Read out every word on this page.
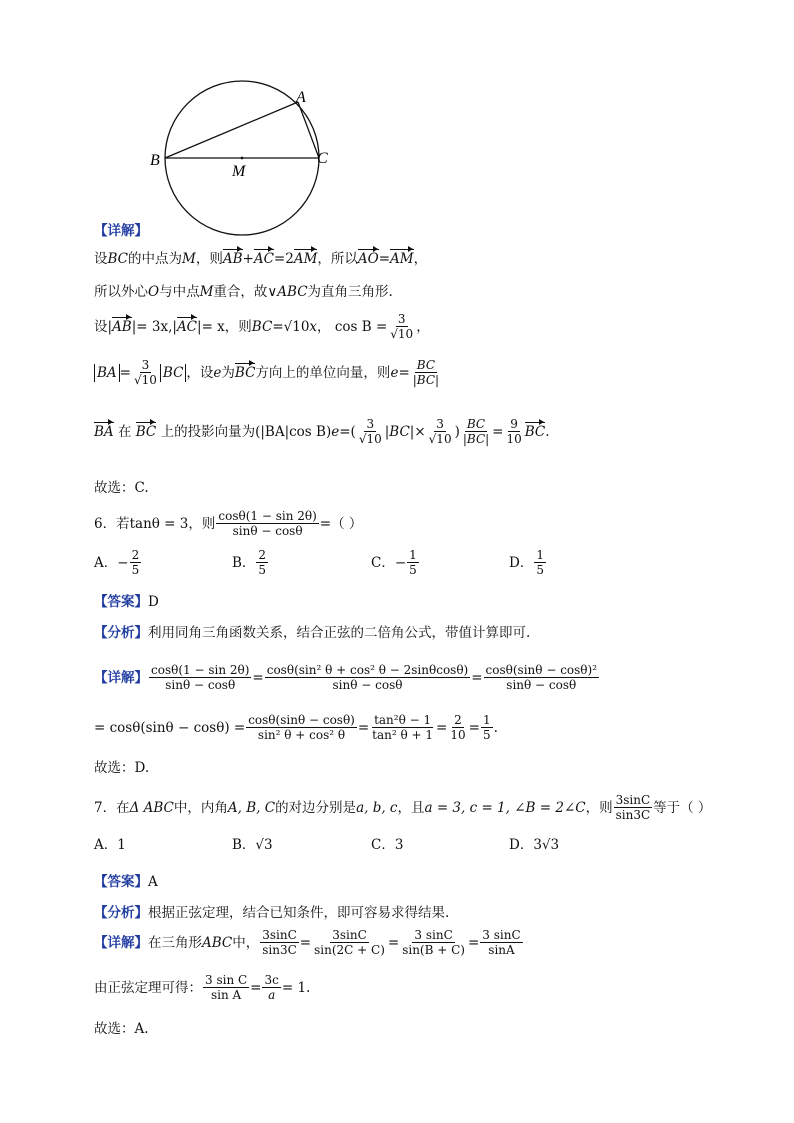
A
B	C
M
【详解】
设BC的中点为M，则AB+AC=2AM，所以AO=AM，
所以外心O与中点M重合，故∨ABC为直角三角形.
设| AB |= 3x,| AC |= x ，则 BC = √10 x ，
$\cos B = \frac{3}{√10}$ ，
BA = $\frac{3}{√10}$ BC ，设 e 为 BC 方向上的单位向量，则 $e = \frac{BC}{|BC|}$
BA
在
BC
上的投影向量为 (|BA|cos B) e =( $\frac{3}{√10} |BC|\times \frac{3}{√10}$ ) $\frac{BC}{|BC|} = \frac{9}{10}$ BC .
故选：C.
6．若 tanθ = 3 ，则 $\frac{\cos\theta(1 - \sin 2\theta)}{\sin\theta - \cos\theta}$ =（ ）
A． − $\frac{2}{5}$	B． $\frac{2}{5}$	C． − $\frac{1}{5}$	D． $\frac{1}{5}$
【答案】D
【分析】利用同角三角函数关系，结合正弦的二倍角公式，带值计算即可.
【详解】 $\frac{\cos\theta(1 - \sin 2\theta)}{\sin\theta - \cos\theta} = \frac{\text{cosθ(sin² θ + cos² θ − 2sinθcosθ)}}{\sin\theta - \cos\theta} = \frac{\text{cosθ(sinθ − cosθ)²}}{\sin\theta - \cos\theta}$
= $\cos\theta(\sin\theta - \cos\theta) = \frac{\cos\theta(\sin\theta - \cos\theta)}{\text{sin² θ + cos² θ}} = \frac{\text{tan²θ − 1}}{\text{tan² θ + 1}} = \frac{2}{10} = \frac{1}{5}$ .
故选：D.
7．在 Δ ABC 中，内角 A, B, C 的对边分别是 a, b, c ，且 a = 3, c = 1, ∠B = 2∠C ，则 $\frac{3\sin C}{\sin 3C}$ 等于（ ）
A．1	B．√3	C．3	D．3√3
【答案】A
【分析】根据正弦定理，结合已知条件，即可容易求得结果.
【详解】 在三角形 ABC 中， $\frac{3\sin C}{\sin 3C} = \frac{3\sin C}{\sin(2C + C)} = \frac{3 \sin C}{\sin(B + C)} = \frac{3 \sin C}{\sin A}$
由正弦定理可得： $\frac{\text{3 sin C}}{\text{sin A}} = \frac{3c}{a} = 1$.
故选：A.
